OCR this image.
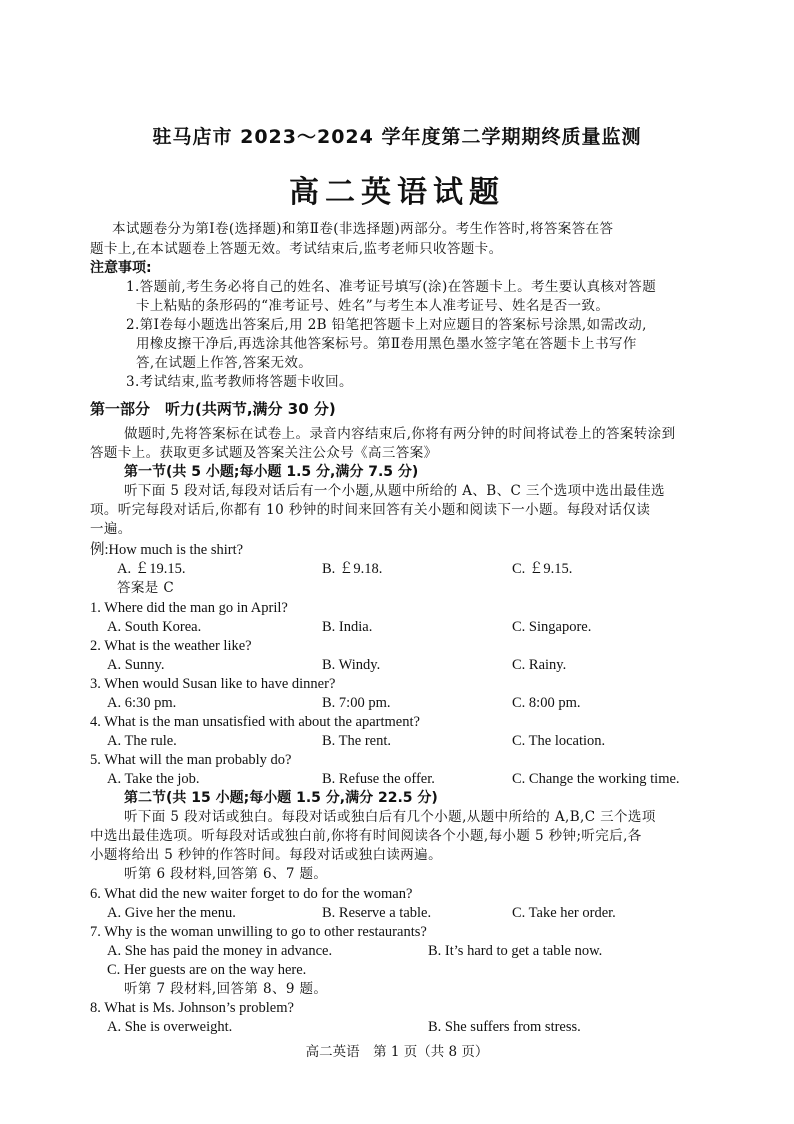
驻马店市 2023～2024 学年度第二学期期终质量监测
高二英语试题
本试题卷分为第Ⅰ卷(选择题)和第Ⅱ卷(非选择题)两部分。考生作答时,将答案答在答
题卡上,在本试题卷上答题无效。考试结束后,监考老师只收答题卡。
注意事项:
1.答题前,考生务必将自己的姓名、准考证号填写(涂)在答题卡上。考生要认真核对答题
卡上粘贴的条形码的“准考证号、姓名”与考生本人准考证号、姓名是否一致。
2.第Ⅰ卷每小题选出答案后,用 2B 铅笔把答题卡上对应题目的答案标号涂黑,如需改动,
用橡皮擦干净后,再选涂其他答案标号。第Ⅱ卷用黑色墨水签字笔在答题卡上书写作
答,在试题上作答,答案无效。
3.考试结束,监考教师将答题卡收回。
第一部分　听力(共两节,满分 30 分)
做题时,先将答案标在试卷上。录音内容结束后,你将有两分钟的时间将试卷上的答案转涂到
答题卡上。获取更多试题及答案关注公众号《高三答案》
第一节(共 5 小题;每小题 1.5 分,满分 7.5 分)
听下面 5 段对话,每段对话后有一个小题,从题中所给的 A、B、C 三个选项中选出最佳选
项。听完每段对话后,你都有 10 秒钟的时间来回答有关小题和阅读下一小题。每段对话仅读
一遍。
例:How much is the shirt?
A. ￡19.15.	B. ￡9.18.	C. ￡9.15.
答案是 C
1. Where did the man go in April?
A. South Korea.	B. India.	C. Singapore.
2. What is the weather like?
A. Sunny.	B. Windy.	C. Rainy.
3. When would Susan like to have dinner?
A. 6:30 pm.	B. 7:00 pm.	C. 8:00 pm.
4. What is the man unsatisfied with about the apartment?
A. The rule.	B. The rent.	C. The location.
5. What will the man probably do?
A. Take the job.	B. Refuse the offer.	C. Change the working time.
第二节(共 15 小题;每小题 1.5 分,满分 22.5 分)
听下面 5 段对话或独白。每段对话或独白后有几个小题,从题中所给的 A,B,C 三个选项
中选出最佳选项。听每段对话或独白前,你将有时间阅读各个小题,每小题 5 秒钟;听完后,各
小题将给出 5 秒钟的作答时间。每段对话或独白读两遍。
听第 6 段材料,回答第 6、7 题。
6. What did the new waiter forget to do for the woman?
A. Give her the menu.	B. Reserve a table.	C. Take her order.
7. Why is the woman unwilling to go to other restaurants?
A. She has paid the money in advance.	B. It’s hard to get a table now.
C. Her guests are on the way here.
听第 7 段材料,回答第 8、9 题。
8. What is Ms. Johnson’s problem?
A. She is overweight.	B. She suffers from stress.
高二英语　第 1 页（共 8 页）
